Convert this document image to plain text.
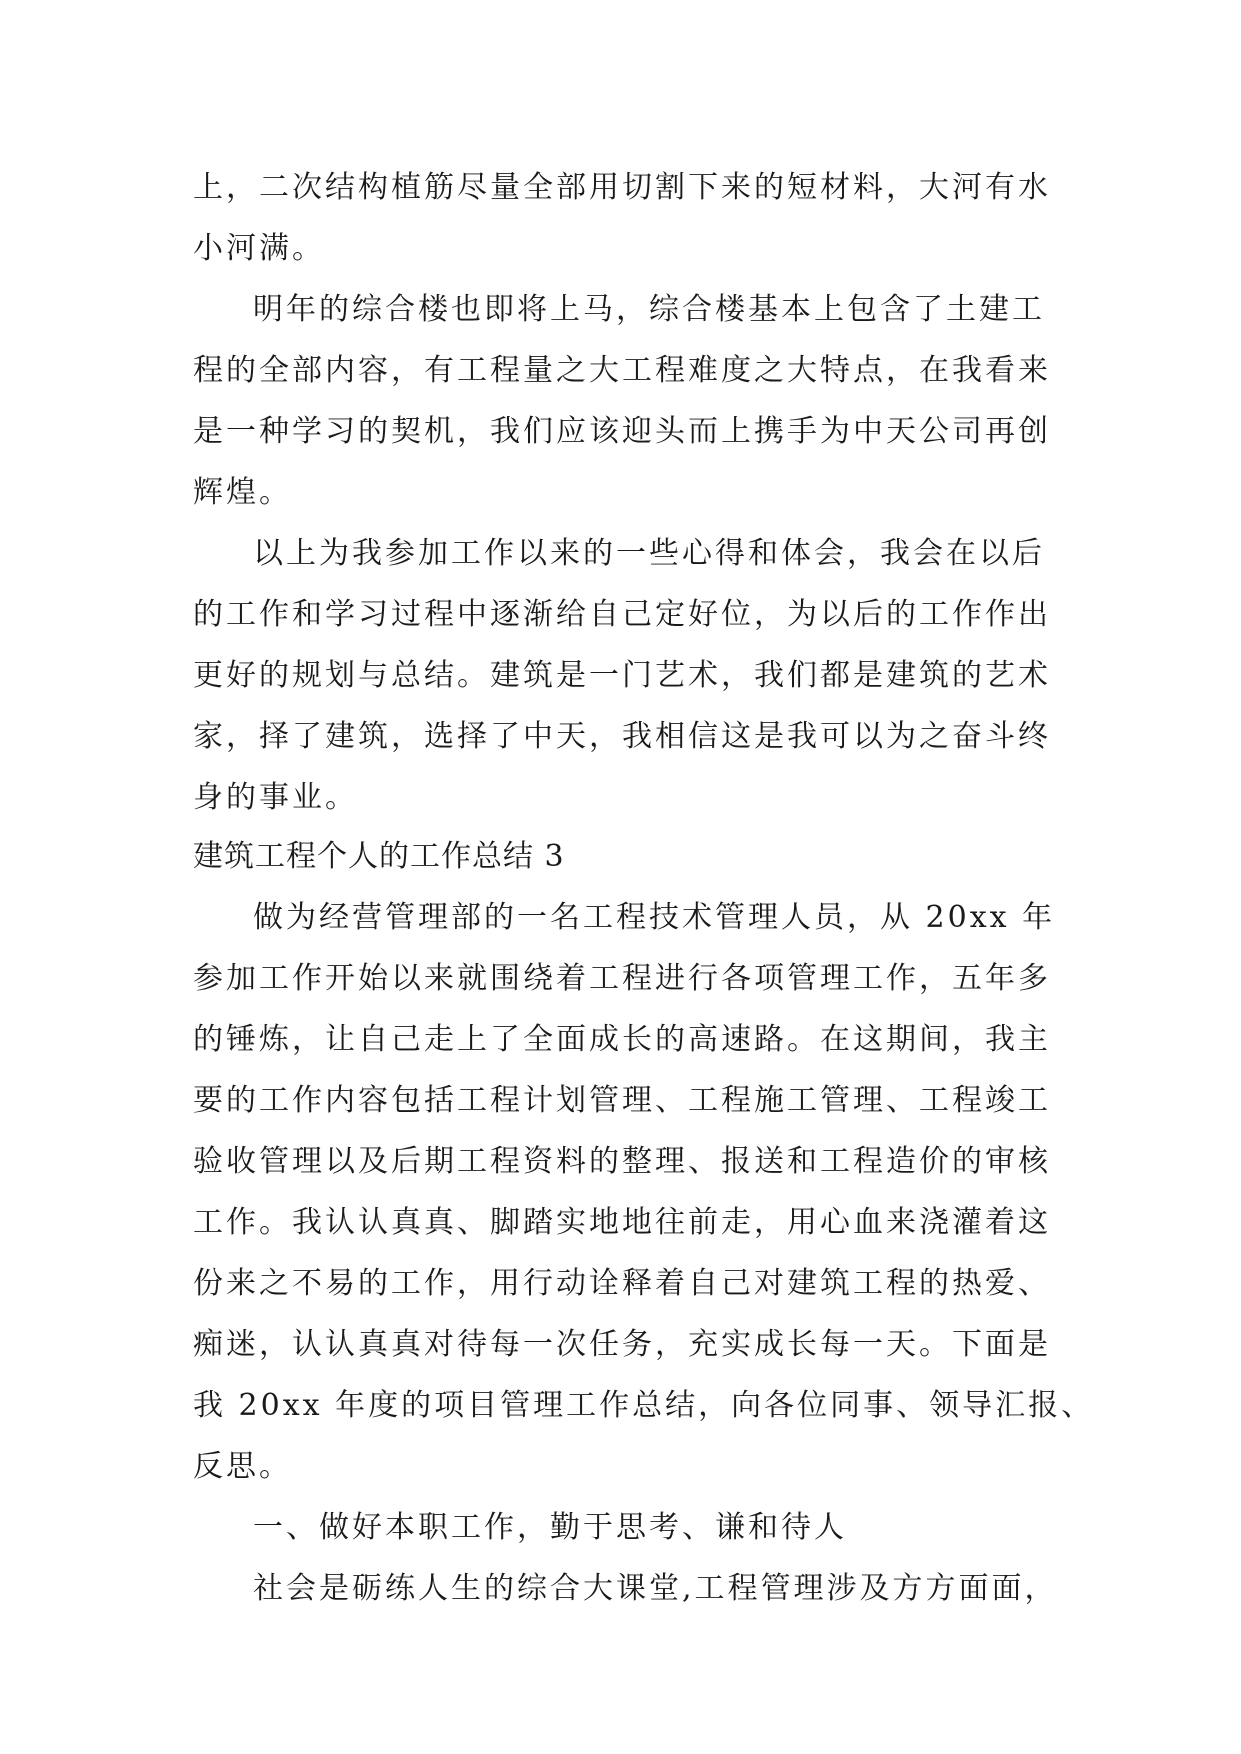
上，二次结构植筋尽量全部用切割下来的短材料，大河有水
小河满。
明年的综合楼也即将上马，综合楼基本上包含了土建工
程的全部内容，有工程量之大工程难度之大特点，在我看来
是一种学习的契机，我们应该迎头而上携手为中天公司再创
辉煌。
以上为我参加工作以来的一些心得和体会，我会在以后
的工作和学习过程中逐渐给自己定好位，为以后的工作作出
更好的规划与总结。建筑是一门艺术，我们都是建筑的艺术
家，择了建筑，选择了中天，我相信这是我可以为之奋斗终
身的事业。
建筑工程个人的工作总结 3
做为经营管理部的一名工程技术管理人员，从 20xx 年
参加工作开始以来就围绕着工程进行各项管理工作，五年多
的锤炼，让自己走上了全面成长的高速路。在这期间，我主
要的工作内容包括工程计划管理、工程施工管理、工程竣工
验收管理以及后期工程资料的整理、报送和工程造价的审核
工作。我认认真真、脚踏实地地往前走，用心血来浇灌着这
份来之不易的工作，用行动诠释着自己对建筑工程的热爱、
痴迷，认认真真对待每一次任务，充实成长每一天。下面是
我 20xx 年度的项目管理工作总结，向各位同事、领导汇报、
反思。
一、做好本职工作，勤于思考、谦和待人
社会是砺练人生的综合大课堂,工程管理涉及方方面面，
